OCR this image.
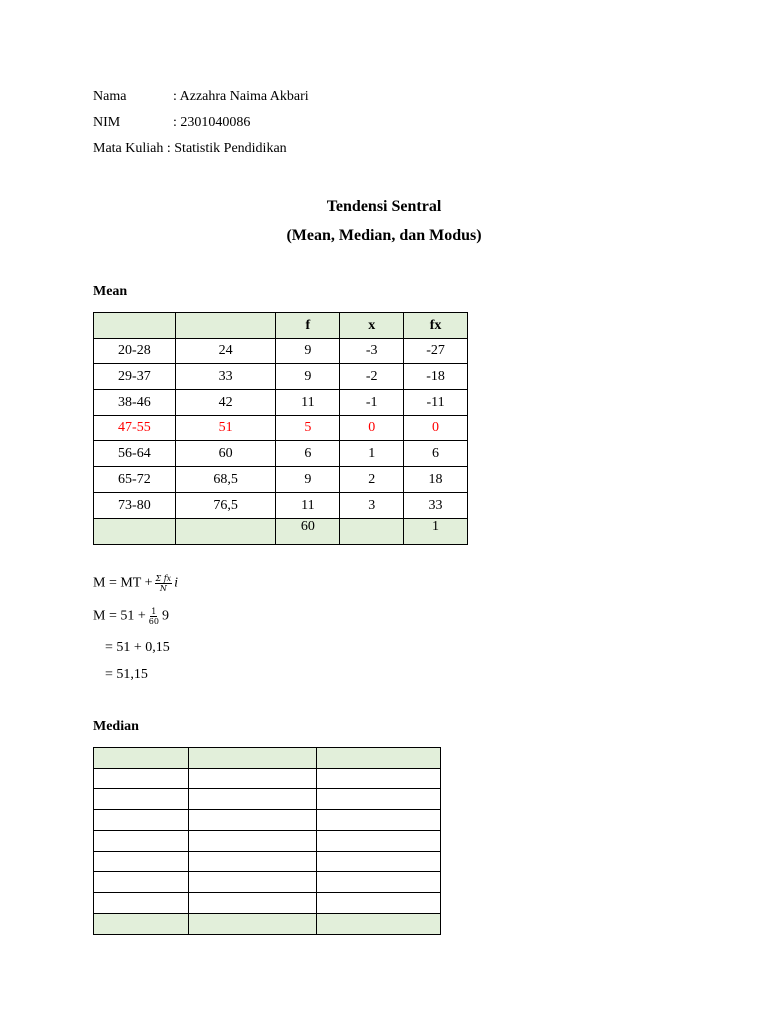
Nama	: Azzahra Naima Akbari
NIM	: 2301040086
Mata Kuliah : Statistik Pendidikan
Tendensi Sentral
(Mean, Median, dan Modus)
Mean
		f	x	fx
20-28	24	9	-3	-27
29-37	33	9	-2	-18
38-46	42	11	-1	-11
47-55	51	5	0	0
56-64	60	6	1	6
65-72	68,5	9	2	18
73-80	76,5	11	3	33
		60		1
M = MT + $\frac{\text{Σ fx}}{N}$ i
$M = 51 + \frac{1}{60} 9$
= 51 + 0,15
= 51,15
Median
